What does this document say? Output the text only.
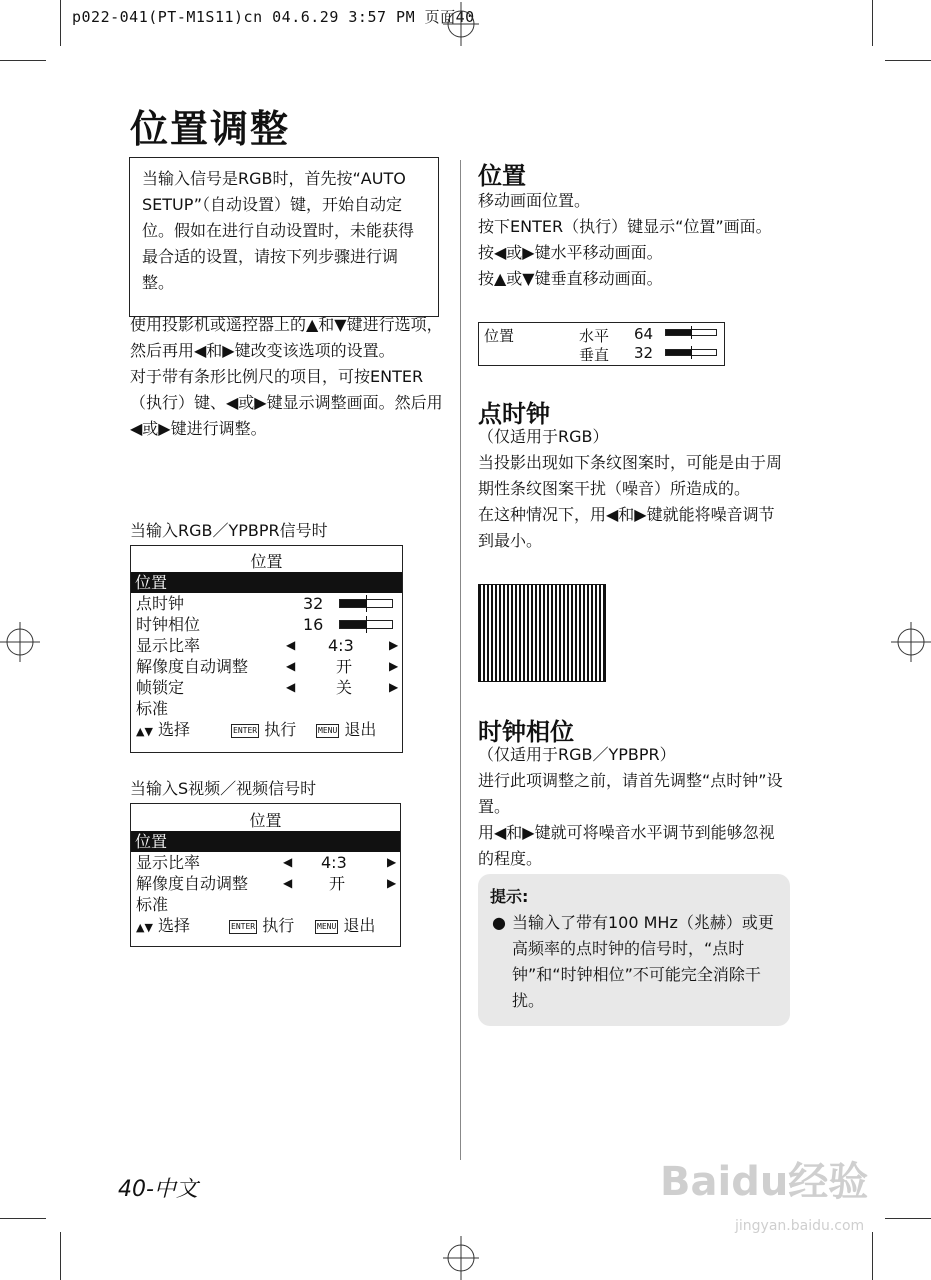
p022-041(PT-M1S11)cn 04.6.29 3:57 PM 页面40
位置调整
当输入信号是RGB时，首先按“AUTO SETUP”（自动设置）键，开始自动定位。假如在进行自动设置时，未能获得最合适的设置，请按下列步骤进行调整。

使用投影机或遥控器上的▲和▼键进行选项，然后再用◀和▶键改变该选项的设置。

对于带有条形比例尺的项目，可按ENTER（执行）键、◀或▶键显示调整画面。然后用◀或▶键进行调整。

当输入RGB／YPBPR信号时
位置
位置
点时钟	32
时钟相位	16
显示比率	◀ 4:3	▶
解像度自动调整	◀	开	▶
帧锁定	◀	关	▶
标准
▲▼ 选择	ENTER 执行	MENU 退出
当输入S视频／视频信号时
位置
位置
显示比率	◀ 4:3	▶
解像度自动调整	◀ 开	▶
标准
▲▼ 选择	ENTER 执行	MENU 退出
位置

移动画面位置。

按下ENTER（执行）键显示“位置”画面。

按◀或▶键水平移动画面。

按▲或▼键垂直移动画面。

位置	水平 64
垂直 32
点时钟

（仅适用于RGB）

当投影出现如下条纹图案时，可能是由于周期性条纹图案干扰（噪音）所造成的。

在这种情况下，用◀和▶键就能将噪音调节到最小。

时钟相位

（仅适用于RGB／YPBPR）

进行此项调整之前，请首先调整“点时钟”设置。

用◀和▶键就可将噪音水平调节到能够忽视的程度。

提示:
● 当输入了带有100 MHz（兆赫）或更高频率的点时钟的信号时，“点时钟”和“时钟相位”不可能完全消除干扰。
40-中文	Baidu经验
jingyan.baidu.com
